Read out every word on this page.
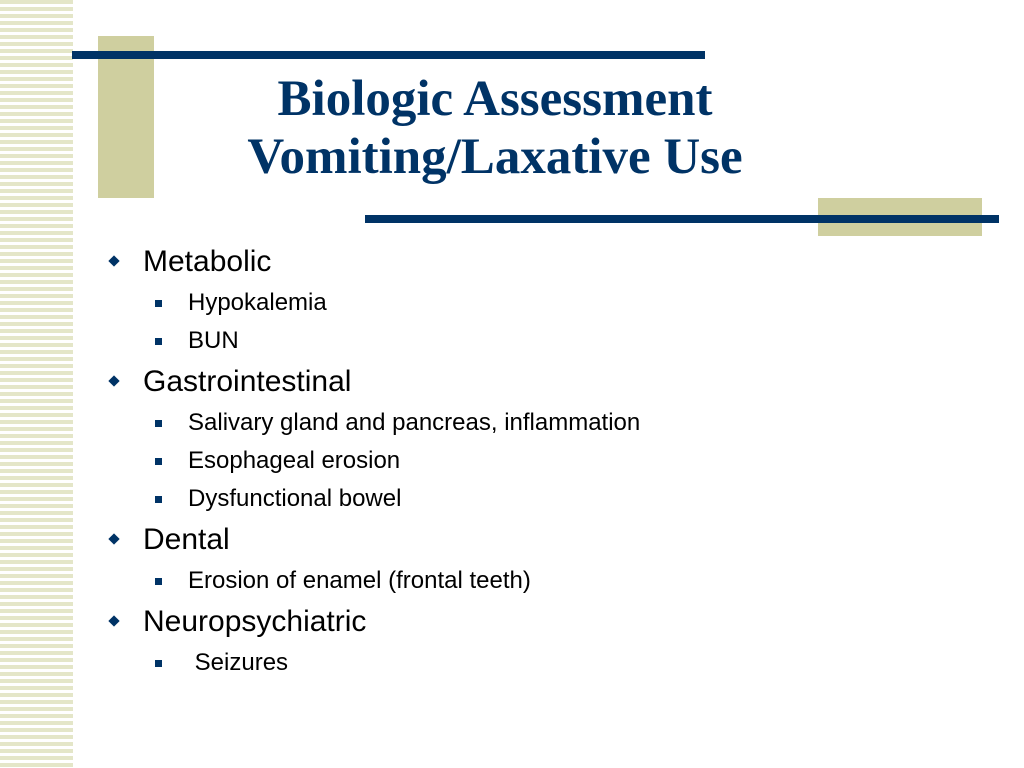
Biologic Assessment
Vomiting/Laxative Use
Metabolic
Hypokalemia
BUN
Gastrointestinal
Salivary gland and pancreas, inflammation
Esophageal erosion
Dysfunctional bowel
Dental
Erosion of enamel (frontal teeth)
Neuropsychiatric
Seizures
